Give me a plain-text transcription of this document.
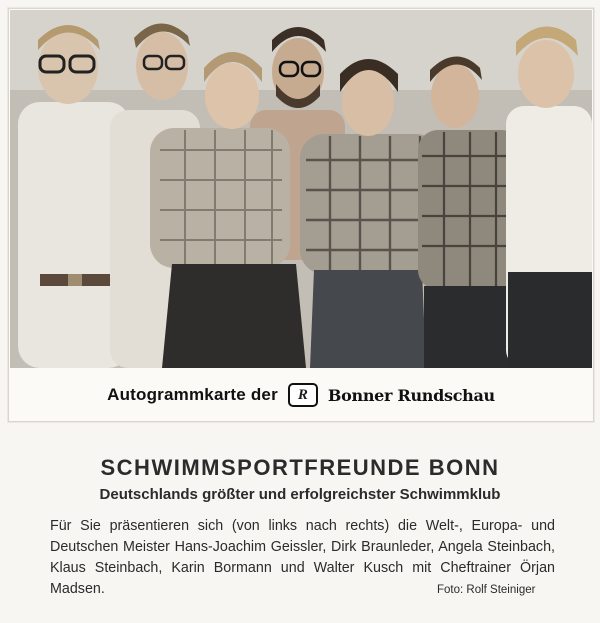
Autogrammkarte der	R	Bonner Rundschau
SCHWIMMSPORTFREUNDE BONN
Deutschlands größter und erfolgreichster Schwimmklub
Für Sie präsentieren sich (von links nach rechts) die Welt-, Europa- und Deutschen Meister Hans-Joachim Geissler, Dirk Braunleder, Angela Steinbach, Klaus Steinbach, Karin Bormann und Walter Kusch mit Cheftrainer Örjan Madsen.	Foto: Rolf Steiniger
